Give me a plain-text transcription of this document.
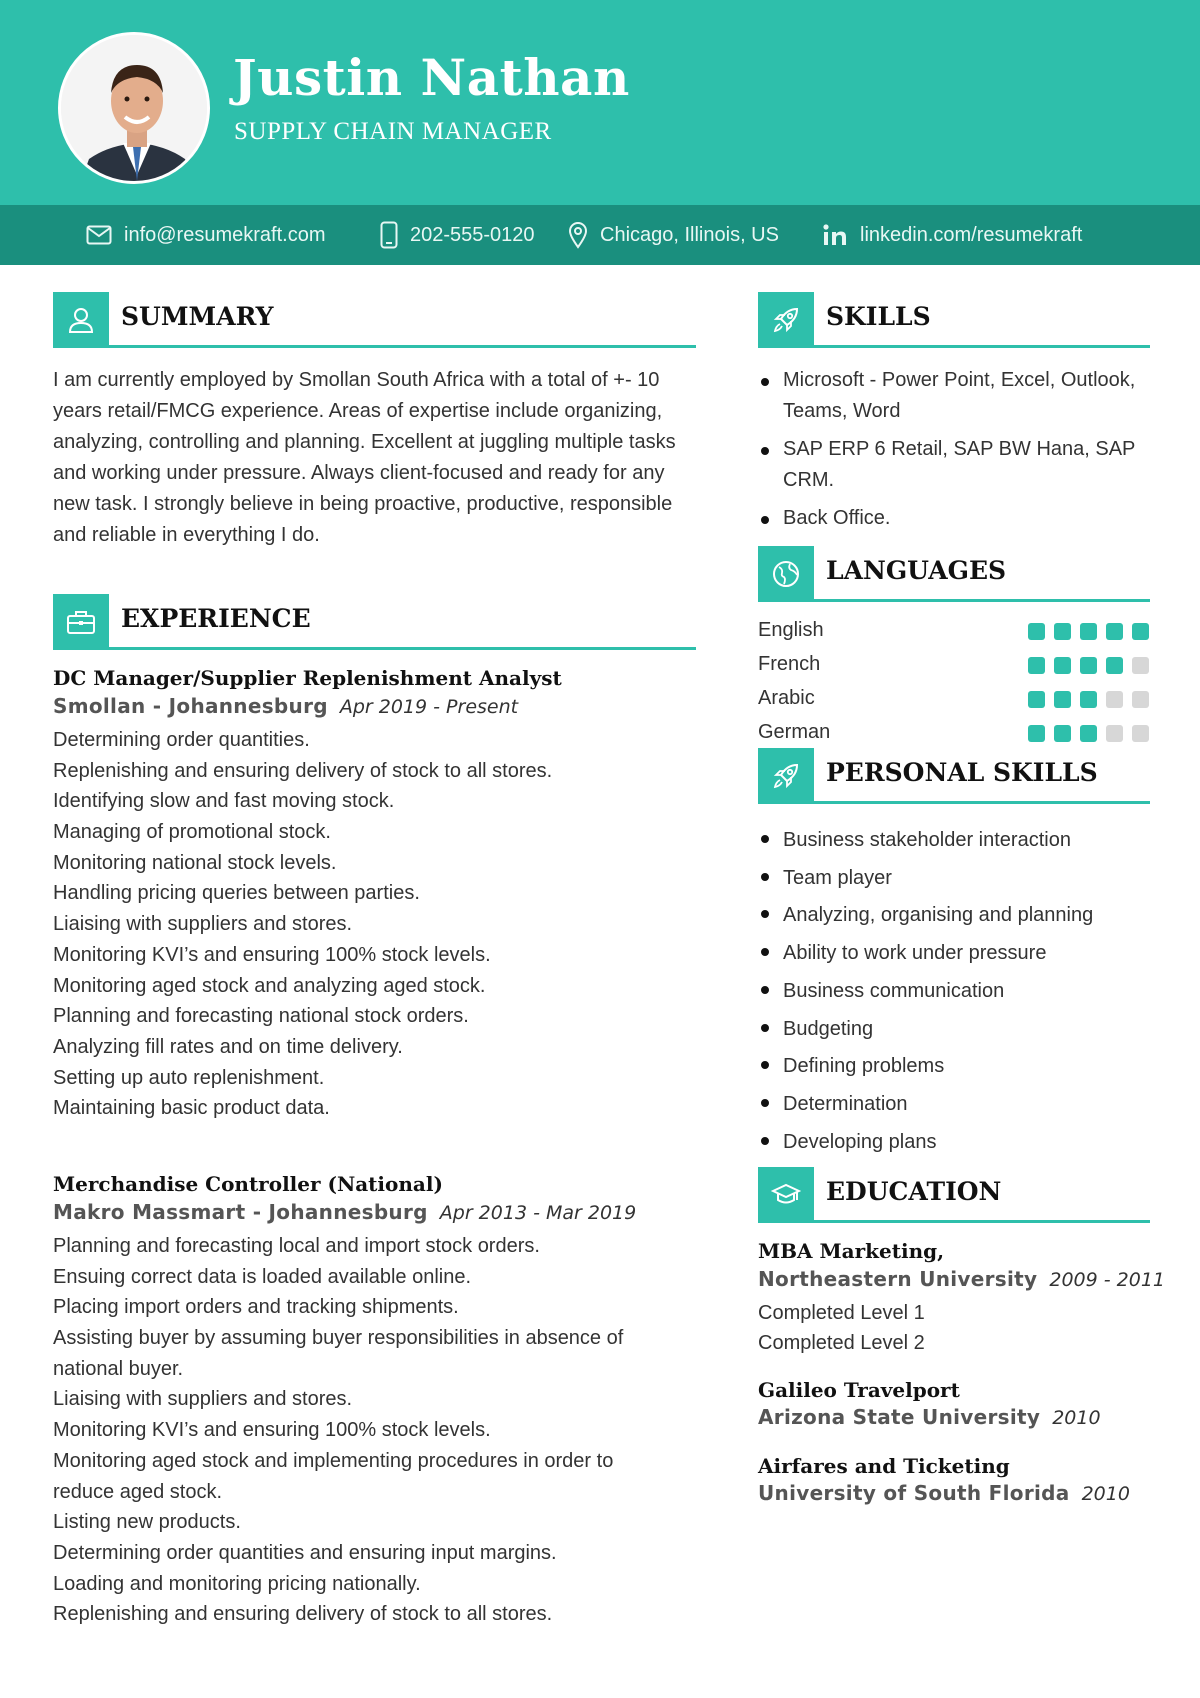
Justin Nathan
SUPPLY CHAIN MANAGER
info@resumekraft.com	202-555-0120	Chicago, Illinois, US	linkedin.com/resumekraft
SUMMARY
I am currently employed by Smollan South Africa with a total of +- 10 years retail/FMCG experience. Areas of expertise include organizing, analyzing, controlling and planning. Excellent at juggling multiple tasks and working under pressure. Always client-focused and ready for any new task. I strongly believe in being proactive, productive, responsible and reliable in everything I do.
EXPERIENCE
DC Manager/Supplier Replenishment Analyst
Smollan - Johannesburg Apr 2019 - Present
Determining order quantities.
Replenishing and ensuring delivery of stock to all stores.
Identifying slow and fast moving stock.
Managing of promotional stock.
Monitoring national stock levels.
Handling pricing queries between parties.
Liaising with suppliers and stores.
Monitoring KVI’s and ensuring 100% stock levels.
Monitoring aged stock and analyzing aged stock.
Planning and forecasting national stock orders.
Analyzing fill rates and on time delivery.
Setting up auto replenishment.
Maintaining basic product data.
Merchandise Controller (National)
Makro Massmart - Johannesburg Apr 2013 - Mar 2019
Planning and forecasting local and import stock orders.
Ensuing correct data is loaded available online.
Placing import orders and tracking shipments.
Assisting buyer by assuming buyer responsibilities in absence of
national buyer.
Liaising with suppliers and stores.
Monitoring KVI’s and ensuring 100% stock levels.
Monitoring aged stock and implementing procedures in order to
reduce aged stock.
Listing new products.
Determining order quantities and ensuring input margins.
Loading and monitoring pricing nationally.
Replenishing and ensuring delivery of stock to all stores.
SKILLS
Microsoft - Power Point, Excel, Outlook, Teams, Word
SAP ERP 6 Retail, SAP BW Hana, SAP CRM.
Back Office.
LANGUAGES
English
French
Arabic
German
PERSONAL SKILLS
Business stakeholder interaction
Team player
Analyzing, organising and planning
Ability to work under pressure
Business communication
Budgeting
Defining problems
Determination
Developing plans
EDUCATION
MBA Marketing,
Northeastern University 2009 - 2011
Completed Level 1
Completed Level 2
Galileo Travelport
Arizona State University 2010
Airfares and Ticketing
University of South Florida 2010
